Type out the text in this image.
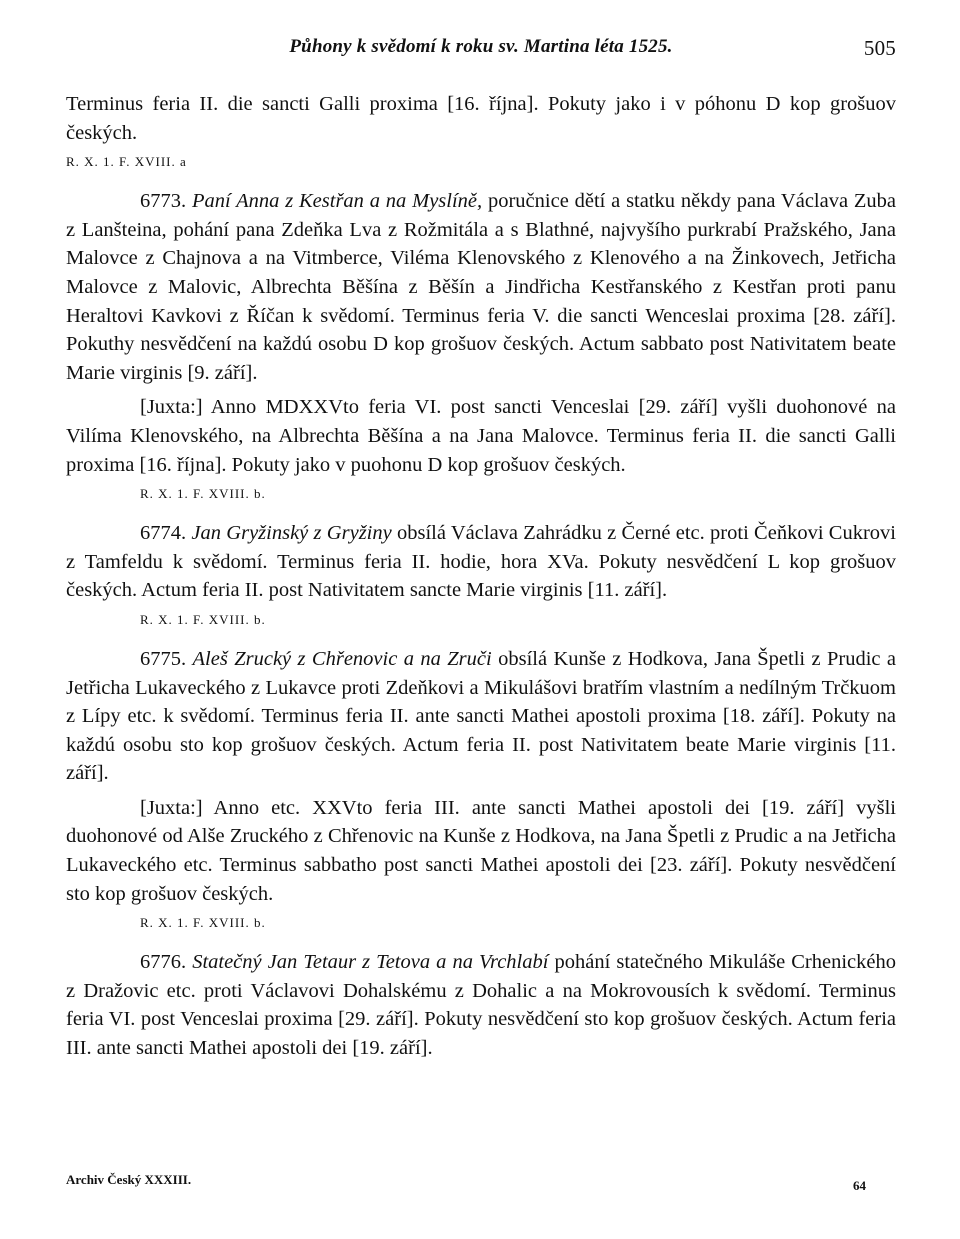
Půhony k svědomí k roku sv. Martina léta 1525.	505

Terminus feria II. die sancti Galli proxima [16. října]. Pokuty jako i v póhonu D kop grošuov českých.

R. X. 1. F. XVIII. a

6773. Paní Anna z Kestřan a na Myslíně, poručnice dětí a statku někdy pana Václava Zuba z Lanšteina, pohání pana Zdeňka Lva z Rožmitála a s Blathné, najvyšího purkrabí Pražského, Jana Malovce z Chajnova a na Vitmberce, Viléma Klenovského z Klenového a na Žinkovech, Jetřicha Malovce z Malovic, Albrechta Běšína z Běšín a Jindřicha Kestřanského z Kestřan proti panu Heraltovi Kavkovi z Říčan k svědomí. Terminus feria V. die sancti Wenceslai proxima [28. září]. Pokuthy nesvědčení na každú osobu D kop grošuov českých. Actum sabbato post Nativitatem beate Marie virginis [9. září].

[Juxta:] Anno MDXXVto feria VI. post sancti Venceslai [29. září] vyšli duohonové na Vilíma Klenovského, na Albrechta Běšína a na Jana Malovce. Terminus feria II. die sancti Galli proxima [16. října]. Pokuty jako v puohonu D kop grošuov českých.

R. X. 1. F. XVIII. b.

6774. Jan Gryžinský z Gryžiny obsílá Václava Zahrádku z Černé etc. proti Čeňkovi Cukrovi z Tamfeldu k svědomí. Terminus feria II. hodie, hora XVa. Pokuty nesvědčení L kop grošuov českých. Actum feria II. post Nativitatem sancte Marie virginis [11. září].

R. X. 1. F. XVIII. b.

6775. Aleš Zrucký z Chřenovic a na Zruči obsílá Kunše z Hodkova, Jana Špetli z Prudic a Jetřicha Lukaveckého z Lukavce proti Zdeňkovi a Mikulášovi bratřím vlastním a nedílným Trčkuom z Lípy etc. k svědomí. Terminus feria II. ante sancti Mathei apostoli proxima [18. září]. Pokuty na každú osobu sto kop grošuov českých. Actum feria II. post Nativitatem beate Marie virginis [11. září].

[Juxta:] Anno etc. XXVto feria III. ante sancti Mathei apostoli dei [19. září] vyšli duohonové od Alše Zruckého z Chřenovic na Kunše z Hodkova, na Jana Špetli z Prudic a na Jetřicha Lukaveckého etc. Terminus sabbatho post sancti Mathei apostoli dei [23. září]. Pokuty nesvědčení sto kop grošuov českých.

R. X. 1. F. XVIII. b.

6776. Statečný Jan Tetaur z Tetova a na Vrchlabí pohání statečného Mikuláše Crhenického z Dražovic etc. proti Václavovi Dohalskému z Dohalic a na Mokrovousích k svědomí. Terminus feria VI. post Venceslai proxima [29. září]. Pokuty nesvědčení sto kop grošuov českých. Actum feria III. ante sancti Mathei apostoli dei [19. září].

Archiv Český XXXIII.	64
